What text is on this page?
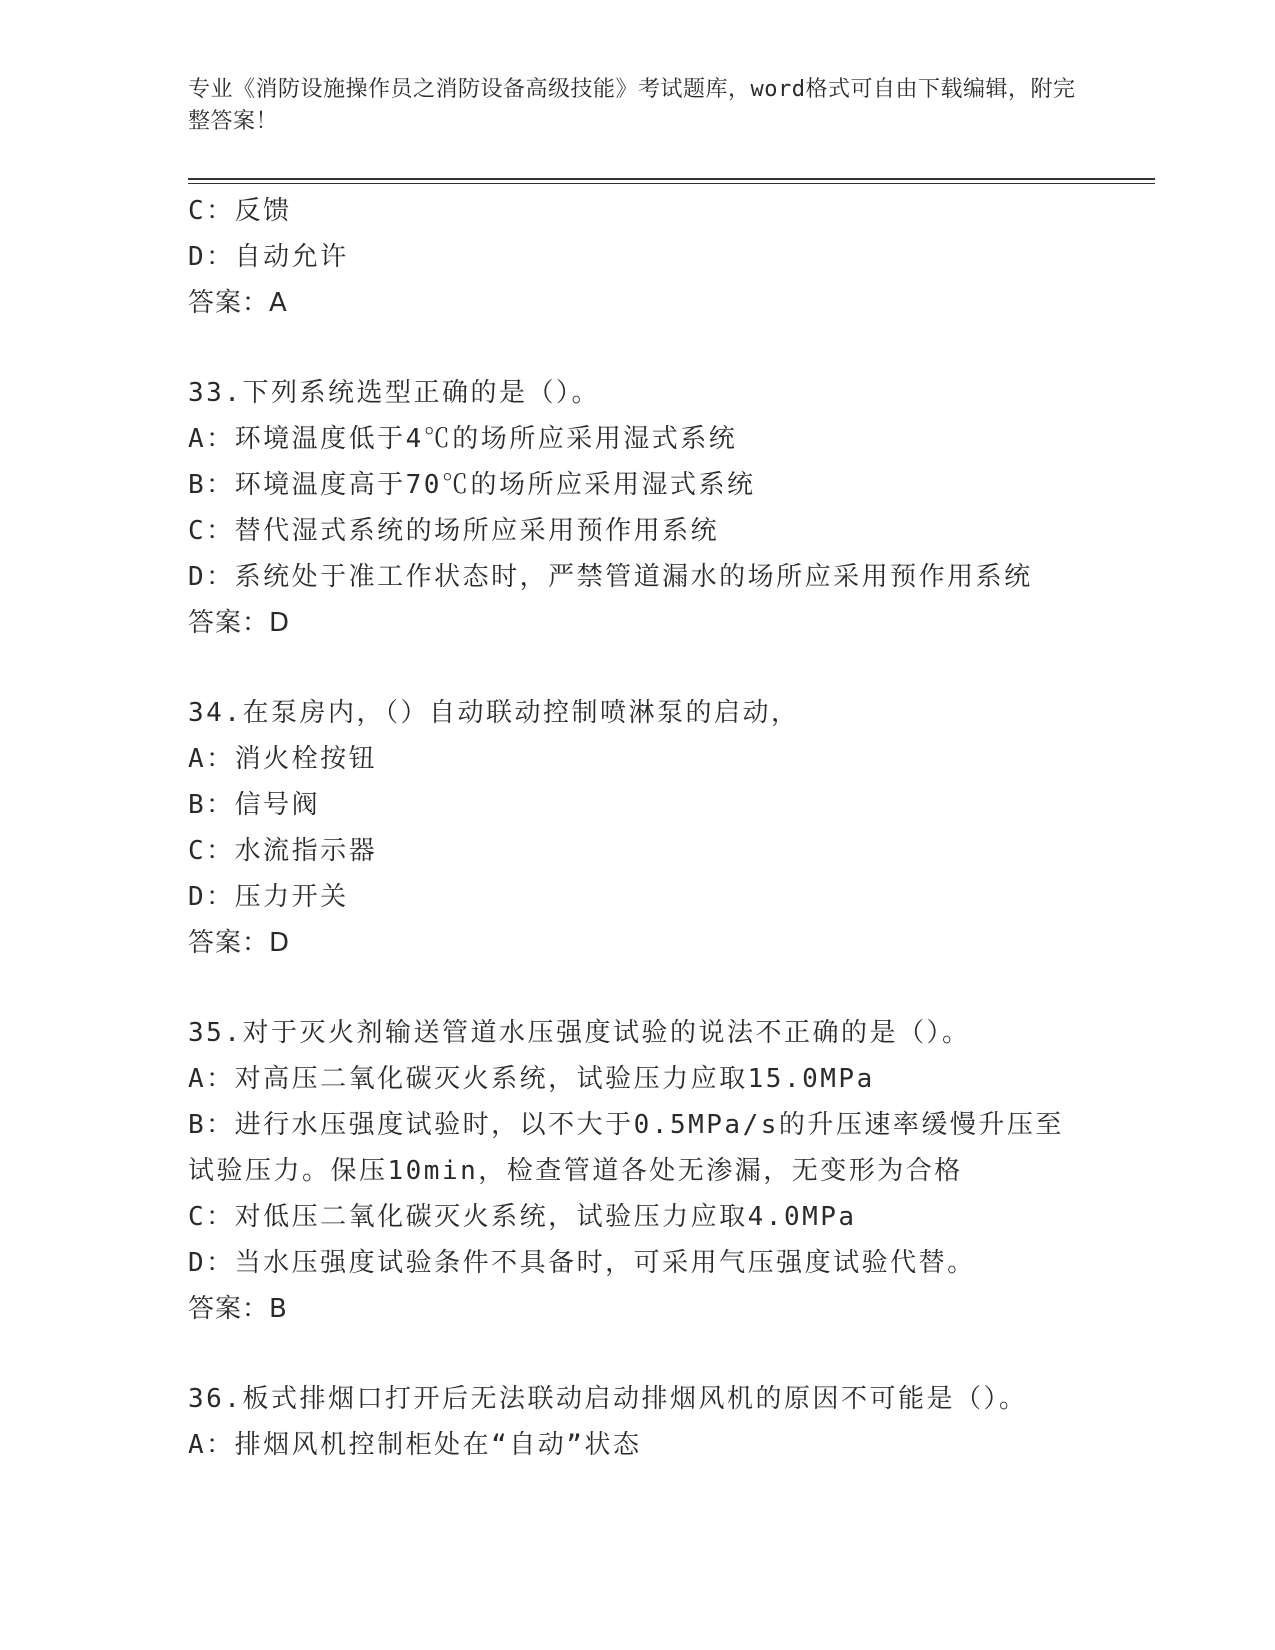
专业《消防设施操作员之消防设备高级技能》考试题库，word格式可自由下载编辑，附完整答案！
C：反馈
D：自动允许
答案：A
33.下列系统选型正确的是（）。
A：环境温度低于4℃的场所应采用湿式系统
B：环境温度高于70℃的场所应采用湿式系统
C：替代湿式系统的场所应采用预作用系统
D：系统处于准工作状态时，严禁管道漏水的场所应采用预作用系统
答案：D
34.在泵房内，（）自动联动控制喷淋泵的启动，
A：消火栓按钮
B：信号阀
C：水流指示器
D：压力开关
答案：D
35.对于灭火剂输送管道水压强度试验的说法不正确的是（）。
A：对高压二氧化碳灭火系统，试验压力应取15.0MPa
B：进行水压强度试验时，以不大于0.5MPa/s的升压速率缓慢升压至试验压力。保压10min，检查管道各处无渗漏，无变形为合格
C：对低压二氧化碳灭火系统，试验压力应取4.0MPa
D：当水压强度试验条件不具备时，可采用气压强度试验代替。
答案：B
36.板式排烟口打开后无法联动启动排烟风机的原因不可能是（）。
A：排烟风机控制柜处在“自动”状态
